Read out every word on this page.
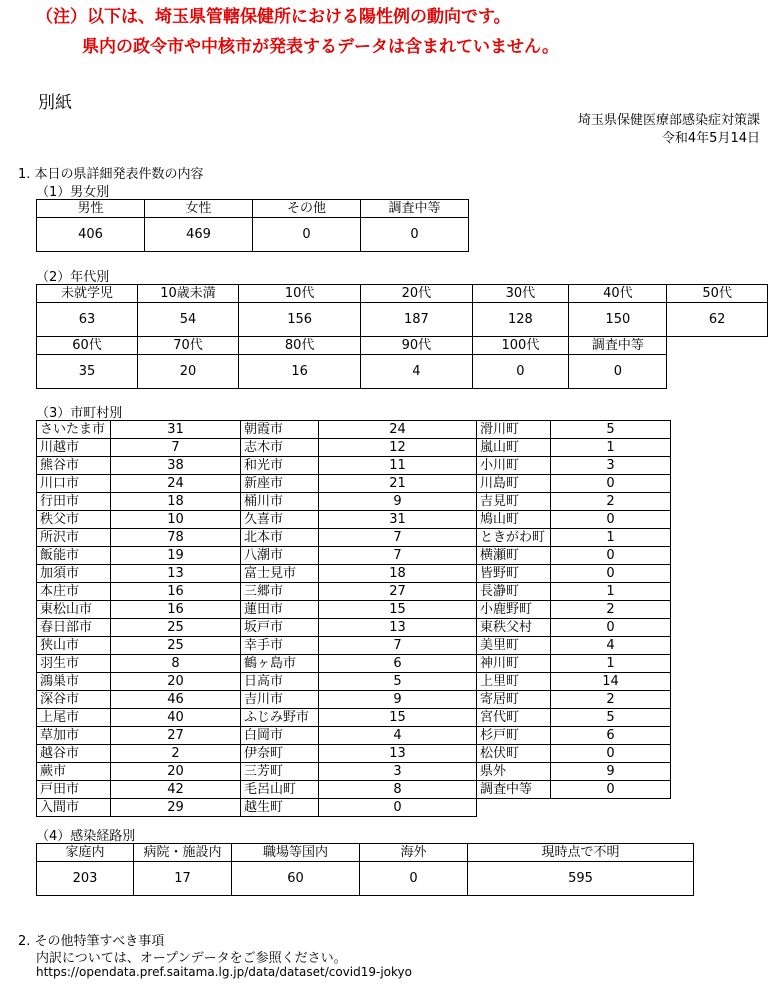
（注）以下は、埼玉県管轄保健所における陽性例の動向です。
県内の政令市や中核市が発表するデータは含まれていません。
別紙
埼玉県保健医療部感染症対策課
令和4年5月14日
1. 本日の県詳細発表件数の内容
（1）男女別
男性	女性	その他	調査中等
406	469	0	0
（2）年代別
未就学児	10歳未満	10代	20代	30代	40代	50代
63	54	156	187	128	150	62
60代	70代	80代	90代	100代	調査中等	
35	20	16	4	0	0	
（3）市町村別
さいたま市	31	朝霞市	24	滑川町	5
川越市	7	志木市	12	嵐山町	1
熊谷市	38	和光市	11	小川町	3
川口市	24	新座市	21	川島町	0
行田市	18	桶川市	9	吉見町	2
秩父市	10	久喜市	31	鳩山町	0
所沢市	78	北本市	7	ときがわ町	1
飯能市	19	八潮市	7	横瀬町	0
加須市	13	富士見市	18	皆野町	0
本庄市	16	三郷市	27	長瀞町	1
東松山市	16	蓮田市	15	小鹿野町	2
春日部市	25	坂戸市	13	東秩父村	0
狭山市	25	幸手市	7	美里町	4
羽生市	8	鶴ヶ島市	6	神川町	1
鴻巣市	20	日高市	5	上里町	14
深谷市	46	吉川市	9	寄居町	2
上尾市	40	ふじみ野市	15	宮代町	5
草加市	27	白岡市	4	杉戸町	6
越谷市	2	伊奈町	13	松伏町	0
蕨市	20	三芳町	3	県外	9
戸田市	42	毛呂山町	8	調査中等	0
入間市	29	越生町	0		
（4）感染経路別
家庭内	病院・施設内	職場等国内	海外	現時点で不明
203	17	60	0	595
2. その他特筆すべき事項
内訳については、オープンデータをご参照ください。
https://opendata.pref.saitama.lg.jp/data/dataset/covid19-jokyo
